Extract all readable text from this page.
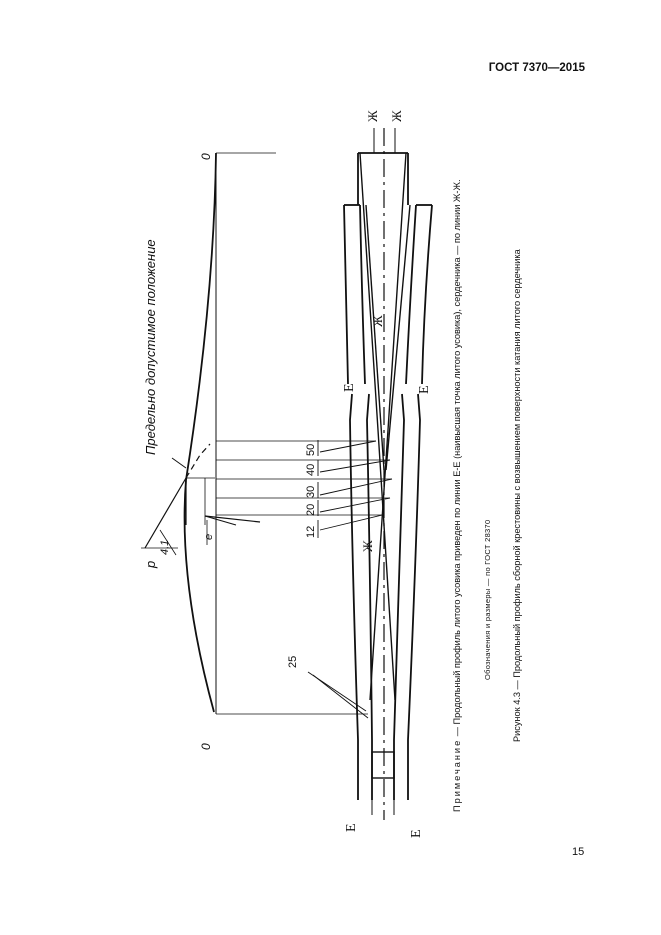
ГОСТ 7370—2015
Предельно допустимое положение
0
0
p
4,1
e
25
12
20
30
40
50
Е
Е
Е	Е
Ж Ж
Ж
Ж
Примечание — Продольный профиль литого усовика приведен по линии Е-Е (наивысшая точка литого усовика), сердечника — по линии Ж-Ж.	Обозначения и размеры — по ГОСТ 28370 Рисунок 4.3 — Продольный профиль сборной крестовины с возвышением поверхности катания литого сердечника
15
